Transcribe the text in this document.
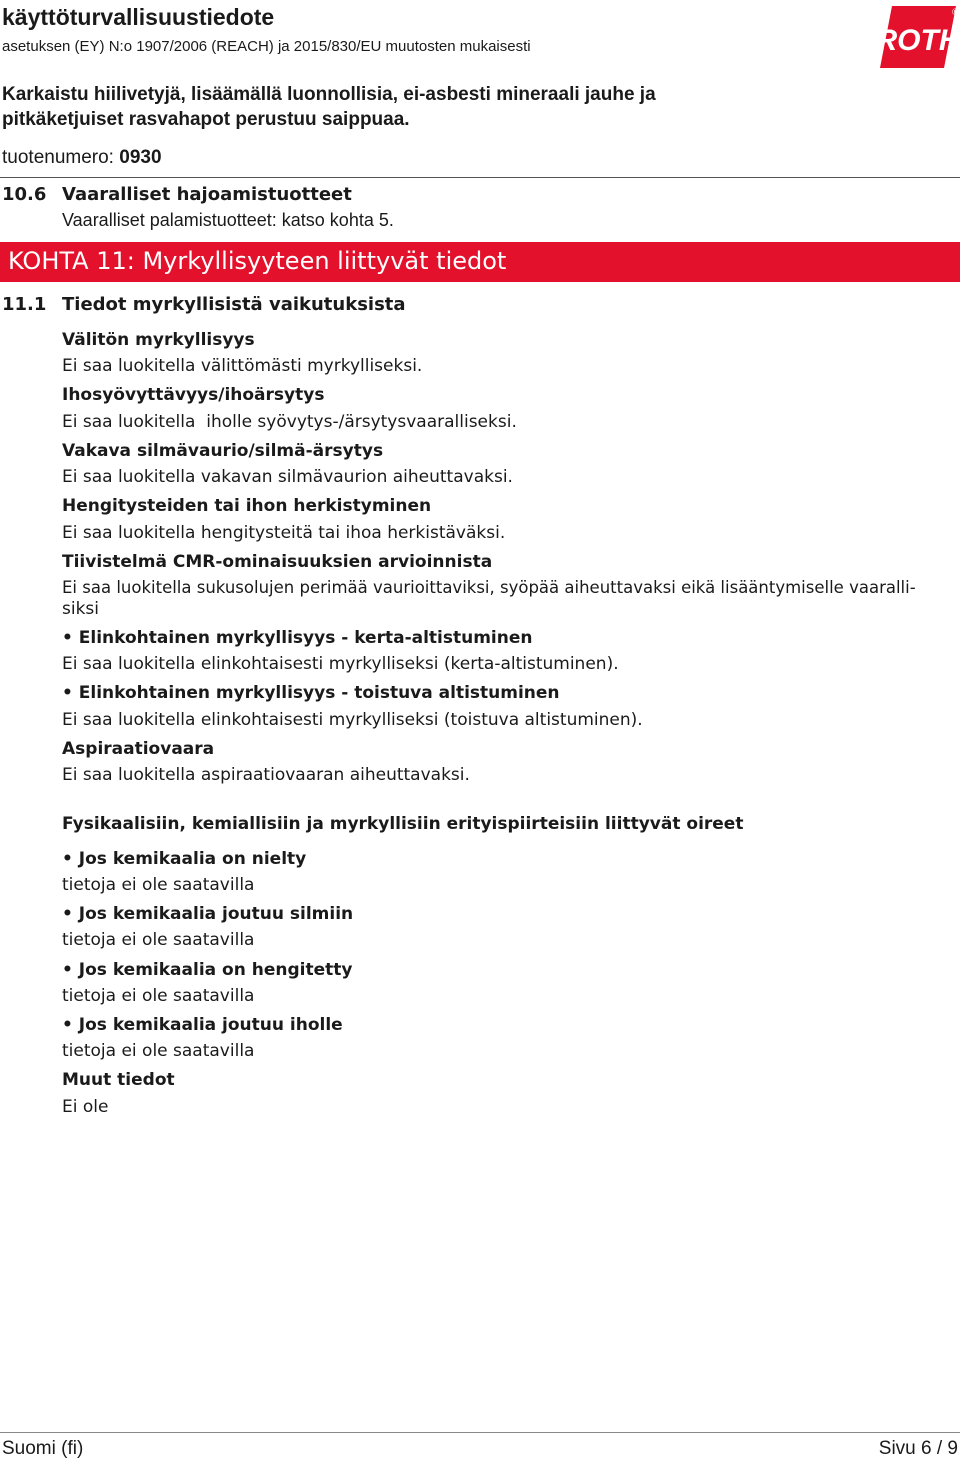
käyttöturvallisuustiedote
asetuksen (EY) N:o 1907/2006 (REACH) ja 2015/830/EU muutosten mukaisesti	ROTH
®
Karkaistu hiilivetyjä, lisäämällä luonnollisia, ei-asbesti mineraali jauhe ja
pitkäketjuiset rasvahapot perustuu saippuaa.
tuotenumero: 0930
10.6 Vaaralliset hajoamistuotteet
Vaaralliset palamistuotteet: katso kohta 5.
KOHTA 11: Myrkyllisyyteen liittyvät tiedot
11.1 Tiedot myrkyllisistä vaikutuksista
Välitön myrkyllisyys
Ei saa luokitella välittömästi myrkylliseksi.
Ihosyövyttävyys/ihoärsytys
Ei saa luokitella  iholle syövytys-/ärsytysvaaralliseksi.
Vakava silmävaurio/silmä-ärsytys
Ei saa luokitella vakavan silmävaurion aiheuttavaksi.
Hengitysteiden tai ihon herkistyminen
Ei saa luokitella hengitysteitä tai ihoa herkistäväksi.
Tiivistelmä CMR-ominaisuuksien arvioinnista
Ei saa luokitella sukusolujen perimää vaurioittaviksi, syöpää aiheuttavaksi eikä lisääntymiselle vaaralli-
siksi
• Elinkohtainen myrkyllisyys - kerta-altistuminen
Ei saa luokitella elinkohtaisesti myrkylliseksi (kerta-altistuminen).
• Elinkohtainen myrkyllisyys - toistuva altistuminen
Ei saa luokitella elinkohtaisesti myrkylliseksi (toistuva altistuminen).
Aspiraatiovaara
Ei saa luokitella aspiraatiovaaran aiheuttavaksi.
Fysikaalisiin, kemiallisiin ja myrkyllisiin erityispiirteisiin liittyvät oireet
• Jos kemikaalia on nielty
tietoja ei ole saatavilla
• Jos kemikaalia joutuu silmiin
tietoja ei ole saatavilla
• Jos kemikaalia on hengitetty
tietoja ei ole saatavilla
• Jos kemikaalia joutuu iholle
tietoja ei ole saatavilla
Muut tiedot
Ei ole
Suomi (fi)	Sivu 6 / 9
